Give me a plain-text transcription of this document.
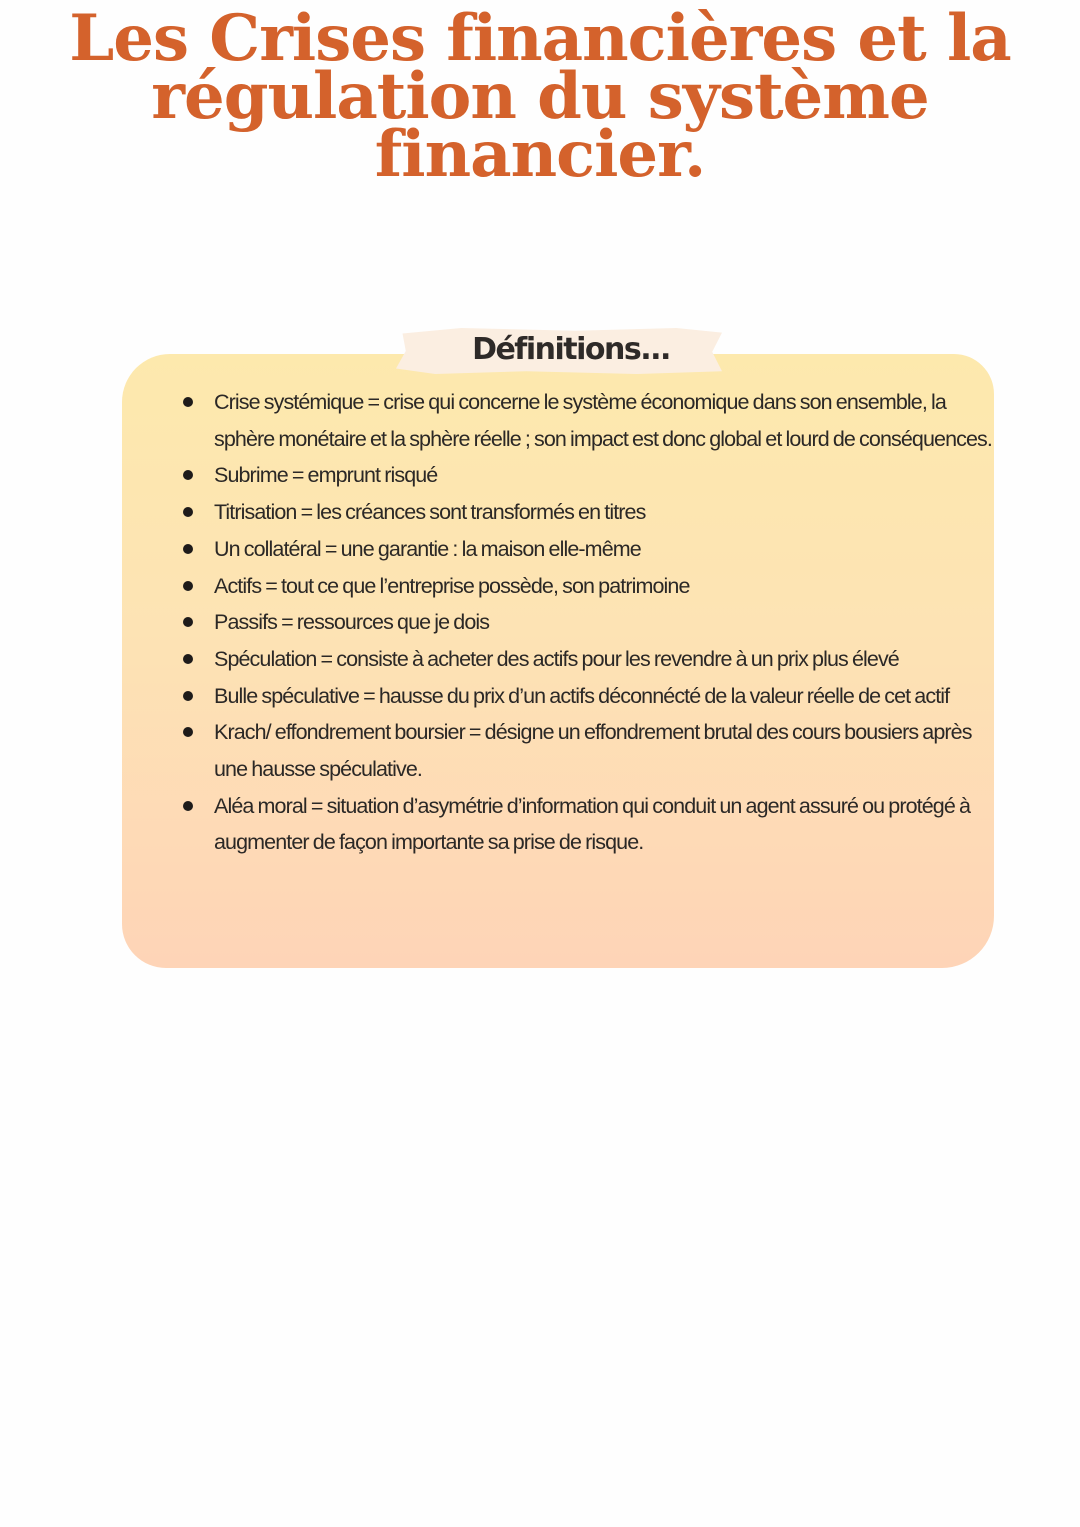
Les Crises financières et la régulation du système financier.
Définitions...
Crise systémique = crise qui concerne le système économique dans son ensemble, la sphère monétaire et la sphère réelle ; son impact est donc global et lourd de conséquences.
Subrime = emprunt risqué
Titrisation = les créances sont transformés en titres
Un collatéral = une garantie : la maison elle-même
Actifs = tout ce que l’entreprise possède, son patrimoine
Passifs = ressources que je dois
Spéculation = consiste à acheter des actifs pour les revendre à un prix plus élevé
Bulle spéculative = hausse du prix d’un actifs déconnécté de la valeur réelle de cet actif
Krach/ effondrement boursier = désigne un effondrement brutal des cours bousiers après une hausse spéculative.
Aléa moral = situation d’asymétrie d’information qui conduit un agent assuré ou protégé à augmenter de façon importante sa prise de risque.
